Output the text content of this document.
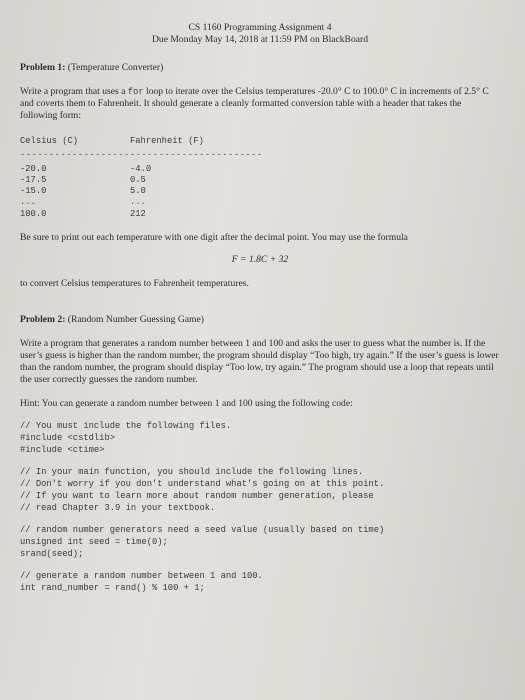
CS 1160 Programming Assignment 4
Due Monday May 14, 2018 at 11:59 PM on BlackBoard
Problem 1: (Temperature Converter)
Write a program that uses a for loop to iterate over the Celsius temperatures -20.0° C to 100.0° C in increments of 2.5° C and coverts them to Fahrenheit. It should generate a cleanly formatted conversion table with a header that takes the following form:
Celsius (C)	Fahrenheit (F)
------------------------------------------
-20.0	-4.0
-17.5	0.5
-15.0	5.0
...	...
100.0	212
Be sure to print out each temperature with one digit after the decimal point. You may use the formula
F = 1.8C + 32
to convert Celsius temperatures to Fahrenheit temperatures.
Problem 2: (Random Number Guessing Game)
Write a program that generates a random number between 1 and 100 and asks the user to guess what the number is. If the user’s guess is higher than the random number, the program should display “Too high, try again.” If the user’s guess is lower than the random number, the program should display “Too low, try again.” The program should use a loop that repeats until the user correctly guesses the random number.
Hint: You can generate a random number between 1 and 100 using the following code:
// You must include the following files.
#include <cstdlib>
#include <ctime>
// In your main function, you should include the following lines.
// Don't worry if you don't understand what's going on at this point.
// If you want to learn more about random number generation, please
// read Chapter 3.9 in your textbook.
// random number generators need a seed value (usually based on time)
unsigned int seed = time(0);
srand(seed);
// generate a random number between 1 and 100.
int rand_number = rand() % 100 + 1;
